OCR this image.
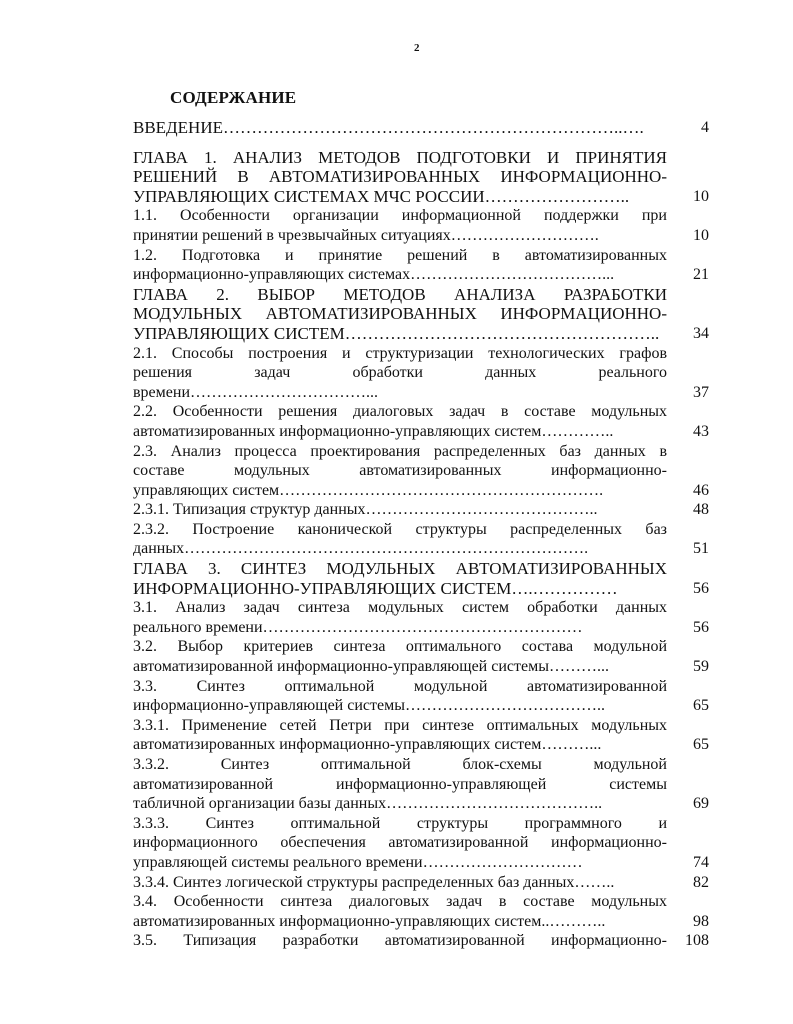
2
СОДЕРЖАНИЕ
ВВЕДЕНИЕ……………………………………………………………..….	4
ГЛАВА 1. АНАЛИЗ МЕТОДОВ ПОДГОТОВКИ И ПРИНЯТИЯ
РЕШЕНИЙ В АВТОМАТИЗИРОВАННЫХ ИНФОРМАЦИОННО-
УПРАВЛЯЮЩИХ СИСТЕМАХ МЧС РОССИИ……………………..	10
1.1. Особенности организации информационной поддержки при
принятии решений в чрезвычайных ситуациях……………………….	10
1.2. Подготовка и принятие решений в автоматизированных
информационно-управляющих системах………………………………...	21
ГЛАВА 2. ВЫБОР МЕТОДОВ АНАЛИЗА РАЗРАБОТКИ
МОДУЛЬНЫХ АВТОМАТИЗИРОВАННЫХ ИНФОРМАЦИОННО-
УПРАВЛЯЮЩИХ СИСТЕМ………………………………………………..	34
2.1. Способы построения и структуризации технологических графов
решения задач обработки данных реального
времени……………………………...	37
2.2. Особенности решения диалоговых задач в составе модульных
автоматизированных информационно-управляющих систем…………..	43
2.3. Анализ процесса проектирования распределенных баз данных в
составе модульных автоматизированных информационно-
управляющих систем…………………………………………………….	46
2.3.1. Типизация структур данных……………………………………..	48
2.3.2. Построение канонической структуры распределенных баз
данных………………………………………………………………….	51
ГЛАВА 3. СИНТЕЗ МОДУЛЬНЫХ АВТОМАТИЗИРОВАННЫХ
ИНФОРМАЦИОННО-УПРАВЛЯЮЩИХ СИСТЕМ….……………	56
3.1. Анализ задач синтеза модульных систем обработки данных
реального времени……………………………………………………	56
3.2. Выбор критериев синтеза оптимального состава модульной
автоматизированной информационно-управляющей системы………...	59
3.3. Синтез оптимальной модульной автоматизированной
информационно-управляющей системы………………………………..	65
3.3.1. Применение сетей Петри при синтезе оптимальных модульных
автоматизированных информационно-управляющих систем………...	65
3.3.2. Синтез оптимальной блок-схемы модульной
автоматизированной информационно-управляющей системы
табличной организации базы данных…………………………………..	69
3.3.3. Синтез оптимальной структуры программного и
информационного обеспечения автоматизированной информационно-
управляющей системы реального времени…………………………	74
3.3.4. Синтез логической структуры распределенных баз данных……..	82
3.4. Особенности синтеза диалоговых задач в составе модульных
автоматизированных информационно-управляющих систем..………..	98
3.5. Типизация разработки автоматизированной информационно- 108
